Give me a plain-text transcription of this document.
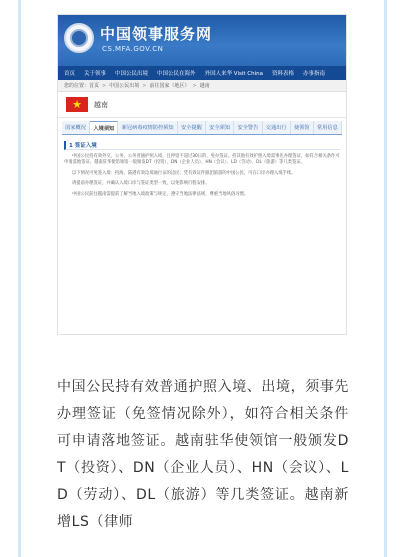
中国领事服务网
CS.MFA.GOV.CN
首页 关于领事 中国公民出境 中国公民在海外 外国人来华 Visit China 资料表格 办事指南
您的位置：首页 > 中国公民出境 > 前往国家（地区） > 越南
★ 越南
国家概况	入境须知	新冠病毒疫情防控须知	安全提醒	安全须知	安全警告	交通出行	使领馆	常用信息
1 签证入境

中国公民持有效外交、公务、公务普通护照入境，且停留不超过30日的，免办签证。持其他有效护照入境需事先办理签证，如符合相关条件可申请落地签证。越南驻华使馆领馆一般颁发DT（投资）、DN（企业人员）、HN（会议）、LD（劳动）、DL（旅游）等几类签证。

以下情况可免签入境：持海、陆港有效边境通行证的边民；凭有效证件跟团旅游的中国公民，可在口岸办理入境手续。

请提前办理签证，并确认入境口岸与签证类型一致，以免影响行程安排。

中国公民前往越南需提前了解当地入境政策与规定，遵守当地法律法规，尊重当地风俗习惯。

中国公民持有效普通护照入境、出境，须事先办理签证（免签情况除外），如符合相关条件可申请落地签证。越南驻华使领馆一般颁发DT（投资）、DN（企业人员）、HN（会议）、LD（劳动）、DL（旅游）等几类签证。越南新增LS（律师
